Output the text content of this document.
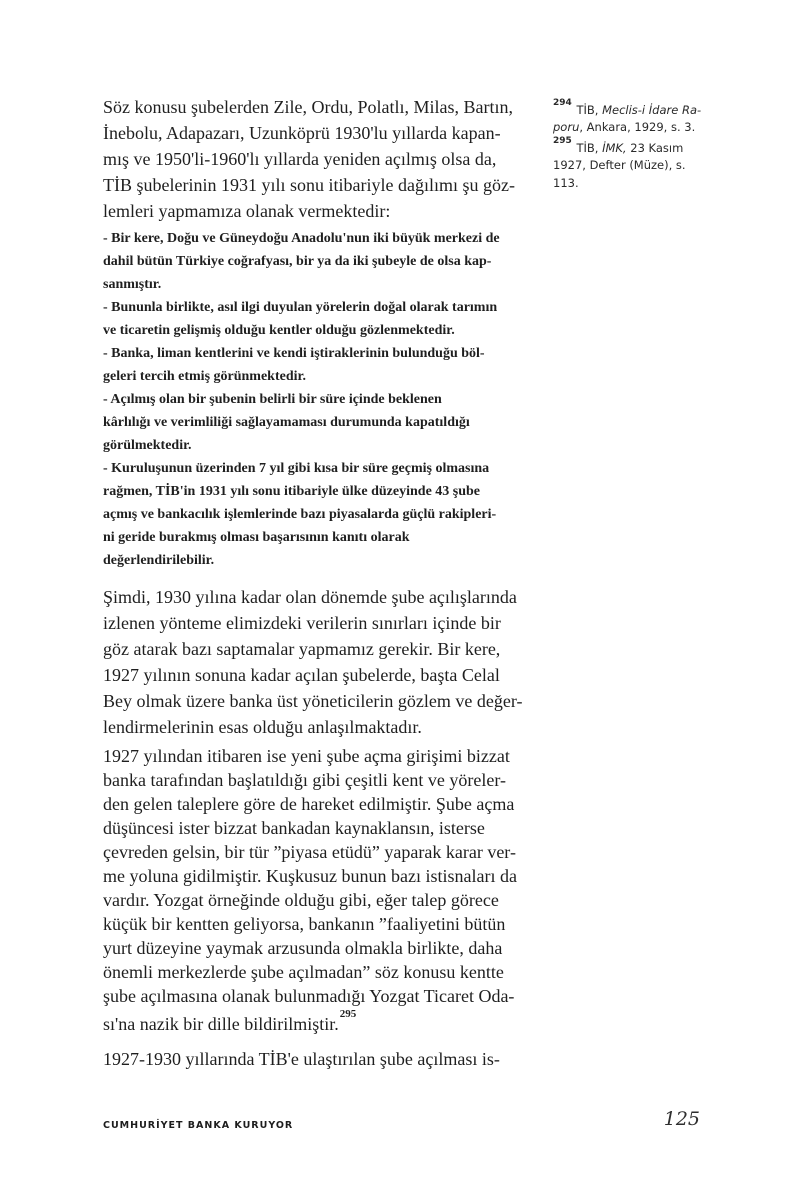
Söz konusu şubelerden Zile, Ordu, Polatlı, Milas, Bartın,
İnebolu, Adapazarı, Uzunköprü 1930'lu yıllarda kapan-
mış ve 1950'li-1960'lı yıllarda yeniden açılmış olsa da,
TİB şubelerinin 1931 yılı sonu itibariyle dağılımı şu göz-
lemleri yapmamıza olanak vermektedir:

- Bir kere, Doğu ve Güneydoğu Anadolu'nun iki büyük merkezi de
dahil bütün Türkiye coğrafyası, bir ya da iki şubeyle de olsa kap-
sanmıştır.

- Bununla birlikte, asıl ilgi duyulan yörelerin doğal olarak tarımın
ve ticaretin gelişmiş olduğu kentler olduğu gözlenmektedir.

- Banka, liman kentlerini ve kendi iştiraklerinin bulunduğu böl-
geleri tercih etmiş görünmektedir.

- Açılmış olan bir şubenin belirli bir süre içinde beklenen
kârlılığı ve verimliliği sağlayamaması durumunda kapatıldığı
görülmektedir.

- Kuruluşunun üzerinden 7 yıl gibi kısa bir süre geçmiş olmasına
rağmen, TİB'in 1931 yılı sonu itibariyle ülke düzeyinde 43 şube
açmış ve bankacılık işlemlerinde bazı piyasalarda güçlü rakipleri-
ni geride burakmış olması başarısının kanıtı olarak
değerlendirilebilir.

Şimdi, 1930 yılına kadar olan dönemde şube açılışlarında
izlenen yönteme elimizdeki verilerin sınırları içinde bir
göz atarak bazı saptamalar yapmamız gerekir. Bir kere,
1927 yılının sonuna kadar açılan şubelerde, başta Celal
Bey olmak üzere banka üst yöneticilerin gözlem ve değer-
lendirmelerinin esas olduğu anlaşılmaktadır.

1927 yılından itibaren ise yeni şube açma girişimi bizzat
banka tarafından başlatıldığı gibi çeşitli kent ve yöreler-
den gelen taleplere göre de hareket edilmiştir. Şube açma
düşüncesi ister bizzat bankadan kaynaklansın, isterse
çevreden gelsin, bir tür ”piyasa etüdü” yaparak karar ver-
me yoluna gidilmiştir. Kuşkusuz bunun bazı istisnaları da
vardır. Yozgat örneğinde olduğu gibi, eğer talep görece
küçük bir kentten geliyorsa, bankanın ”faaliyetini bütün
yurt düzeyine yaymak arzusunda olmakla birlikte, daha
önemli merkezlerde şube açılmadan” söz konusu kentte
şube açılmasına olanak bulunmadığı Yozgat Ticaret Oda-
sı'na nazik bir dille bildirilmiştir.$^{295}$

1927-1930 yıllarında TİB'e ulaştırılan şube açılması is-

$^{294}$ TİB, Meclis-i İdare Ra-
poru, Ankara, 1929, s. 3.

$^{295}$ TİB, İMK, 23 Kasım
1927, Defter (Müze), s.
113.

CUMHURİYET BANKA KURUYOR	125
